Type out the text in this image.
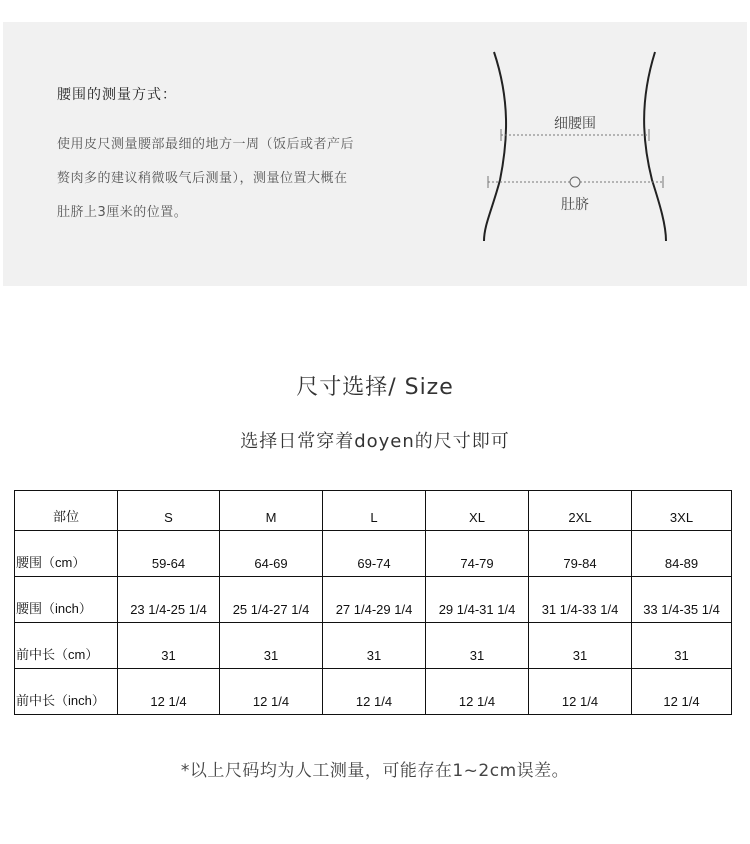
腰围的测量方式：
使用皮尺测量腰部最细的地方一周（饭后或者产后
赘肉多的建议稍微吸气后测量），测量位置大概在
肚脐上3厘米的位置。
细腰围
肚脐
尺寸选择/ Size
选择日常穿着doyen的尺寸即可
部位	S	M	L	XL	2XL	3XL
腰围（cm）	59-64	64-69	69-74	74-79	79-84	84-89
腰围（inch）	23 1/4-25 1/4	25 1/4-27 1/4	27 1/4-29 1/4	29 1/4-31 1/4	31 1/4-33 1/4	33 1/4-35 1/4
前中长（cm）	31	31	31	31	31	31
前中长（inch）	12 1/4	12 1/4	12 1/4	12 1/4	12 1/4	12 1/4
*以上尺码均为人工测量，可能存在1~2cm误差。
